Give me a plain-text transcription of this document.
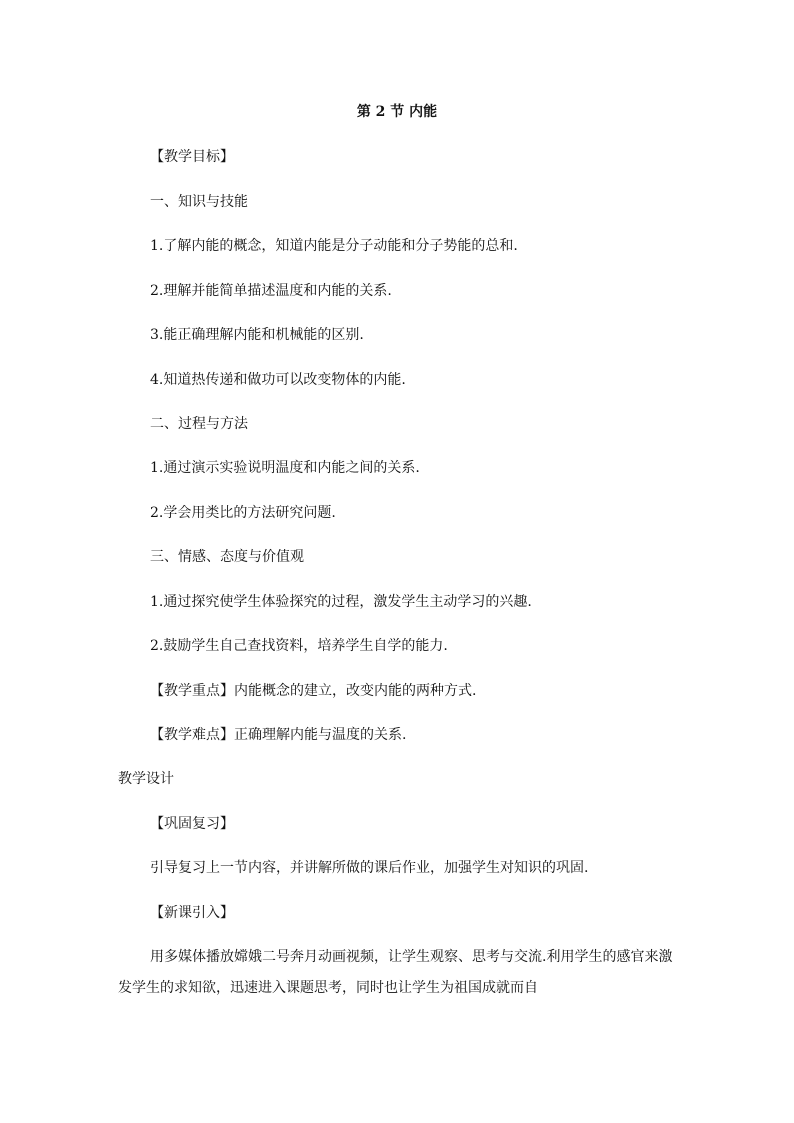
第 2 节 内能
【教学目标】
一、知识与技能
1.了解内能的概念，知道内能是分子动能和分子势能的总和.
2.理解并能简单描述温度和内能的关系.
3.能正确理解内能和机械能的区别.
4.知道热传递和做功可以改变物体的内能.
二、过程与方法
1.通过演示实验说明温度和内能之间的关系.
2.学会用类比的方法研究问题.
三、情感、态度与价值观
1.通过探究使学生体验探究的过程，激发学生主动学习的兴趣.
2.鼓励学生自己查找资料，培养学生自学的能力.
【教学重点】内能概念的建立，改变内能的两种方式.
【教学难点】正确理解内能与温度的关系.
教学设计
【巩固复习】
引导复习上一节内容，并讲解所做的课后作业，加强学生对知识的巩固.
【新课引入】
用多媒体播放嫦娥二号奔月动画视频，让学生观察、思考与交流.利用学生的感官来激发学生的求知欲，迅速进入课题思考，同时也让学生为祖国成就而自
